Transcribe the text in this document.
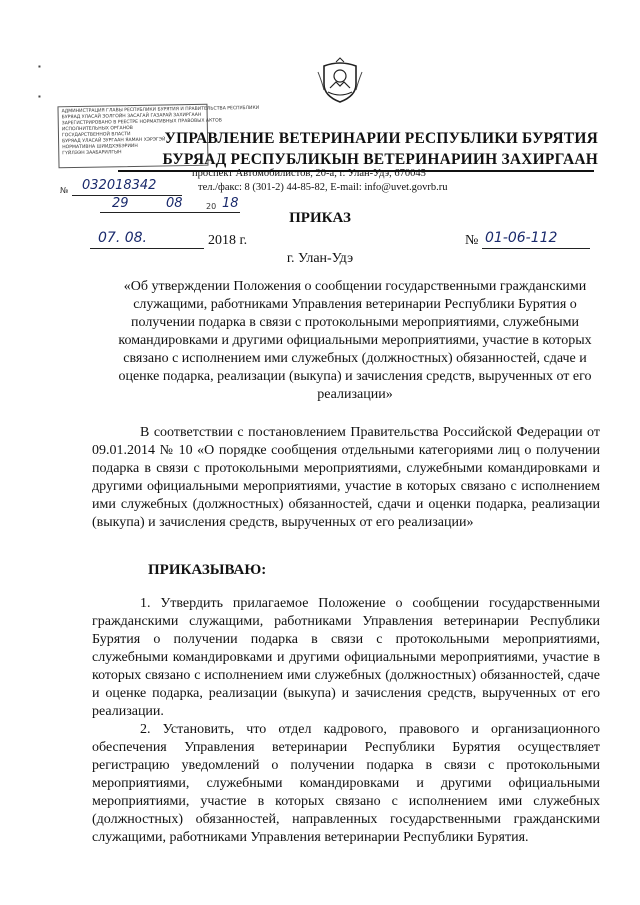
АДМИНИСТРАЦИЯ ГЛАВЫ РЕСПУБЛИКИ БУРЯТИЯ И ПРАВИТЕЛЬСТВА РЕСПУБЛИКИ
БУРЯАД УЛАСАЙ ЗОЛГОЙН ЗАСАГАЙ ГАЗАРАЙ ЗАХИРГААН
ЗАРЕГИСТРИРОВАНО В РЕЕСТРЕ НОРМАТИВНЫХ ПРАВОВЫХ АКТОВ
ИСПОЛНИТЕЛЬНЫХ ОРГАНОВ
ГОСУДАРСТВЕННОЙ ВЛАСТИ
БУРЯАД УЛАСАЙ ЗУРГААН ЯАМАН ХЭРЭГЭЙ
НОРМАТИВНА ШИИДХЭБЭРИИН
ГҮЙЛЭЭН ЗААБАРИЛГЫН
УПРАВЛЕНИЕ ВЕТЕРИНАРИИ РЕСПУБЛИКИ БУРЯТИЯ
БУРЯАД РЕСПУБЛИКЫН ВЕТЕРИНАРИИН ЗАХИРГААН
проспект Автомобилистов, 20-а, г. Улан-Удэ, 670045
тел./факс: 8 (301-2) 44-85-82, E-mail: info@uvet.govrb.ru
№ 032018342
29	08	20 18
ПРИКАЗ
07. 08.	2018 г.	№ 01-06-112
г. Улан-Удэ
«Об утверждении Положения о сообщении государственными гражданскими служащими, работниками Управления ветеринарии Республики Бурятия о получении подарка в связи с протокольными мероприятиями, служебными командировками и другими официальными мероприятиями, участие в которых связано с исполнением ими служебных (должностных) обязанностей, сдаче и оценке подарка, реализации (выкупа) и зачисления средств, вырученных от его реализации»
В соответствии с постановлением Правительства Российской Федерации от 09.01.2014 № 10 «О порядке сообщения отдельными категориями лиц о получении подарка в связи с протокольными мероприятиями, служебными командировками и другими официальными мероприятиями, участие в которых связано с исполнением ими служебных (должностных) обязанностей, сдачи и оценки подарка, реализации (выкупа) и зачисления средств, вырученных от его реализации»
ПРИКАЗЫВАЮ:
1. Утвердить прилагаемое Положение о сообщении государственными гражданскими служащими, работниками Управления ветеринарии Республики Бурятия о получении подарка в связи с протокольными мероприятиями, служебными командировками и другими официальными мероприятиями, участие в которых связано с исполнением ими служебных (должностных) обязанностей, сдаче и оценке подарка, реализации (выкупа) и зачисления средств, вырученных от его реализации.
2. Установить, что отдел кадрового, правового и организационного обеспечения Управления ветеринарии Республики Бурятия осуществляет регистрацию уведомлений о получении подарка в связи с протокольными мероприятиями, служебными командировками и другими официальными мероприятиями, участие в которых связано с исполнением ими служебных (должностных) обязанностей, направленных государственными гражданскими служащими, работниками Управления ветеринарии Республики Бурятия.
▪
▪
